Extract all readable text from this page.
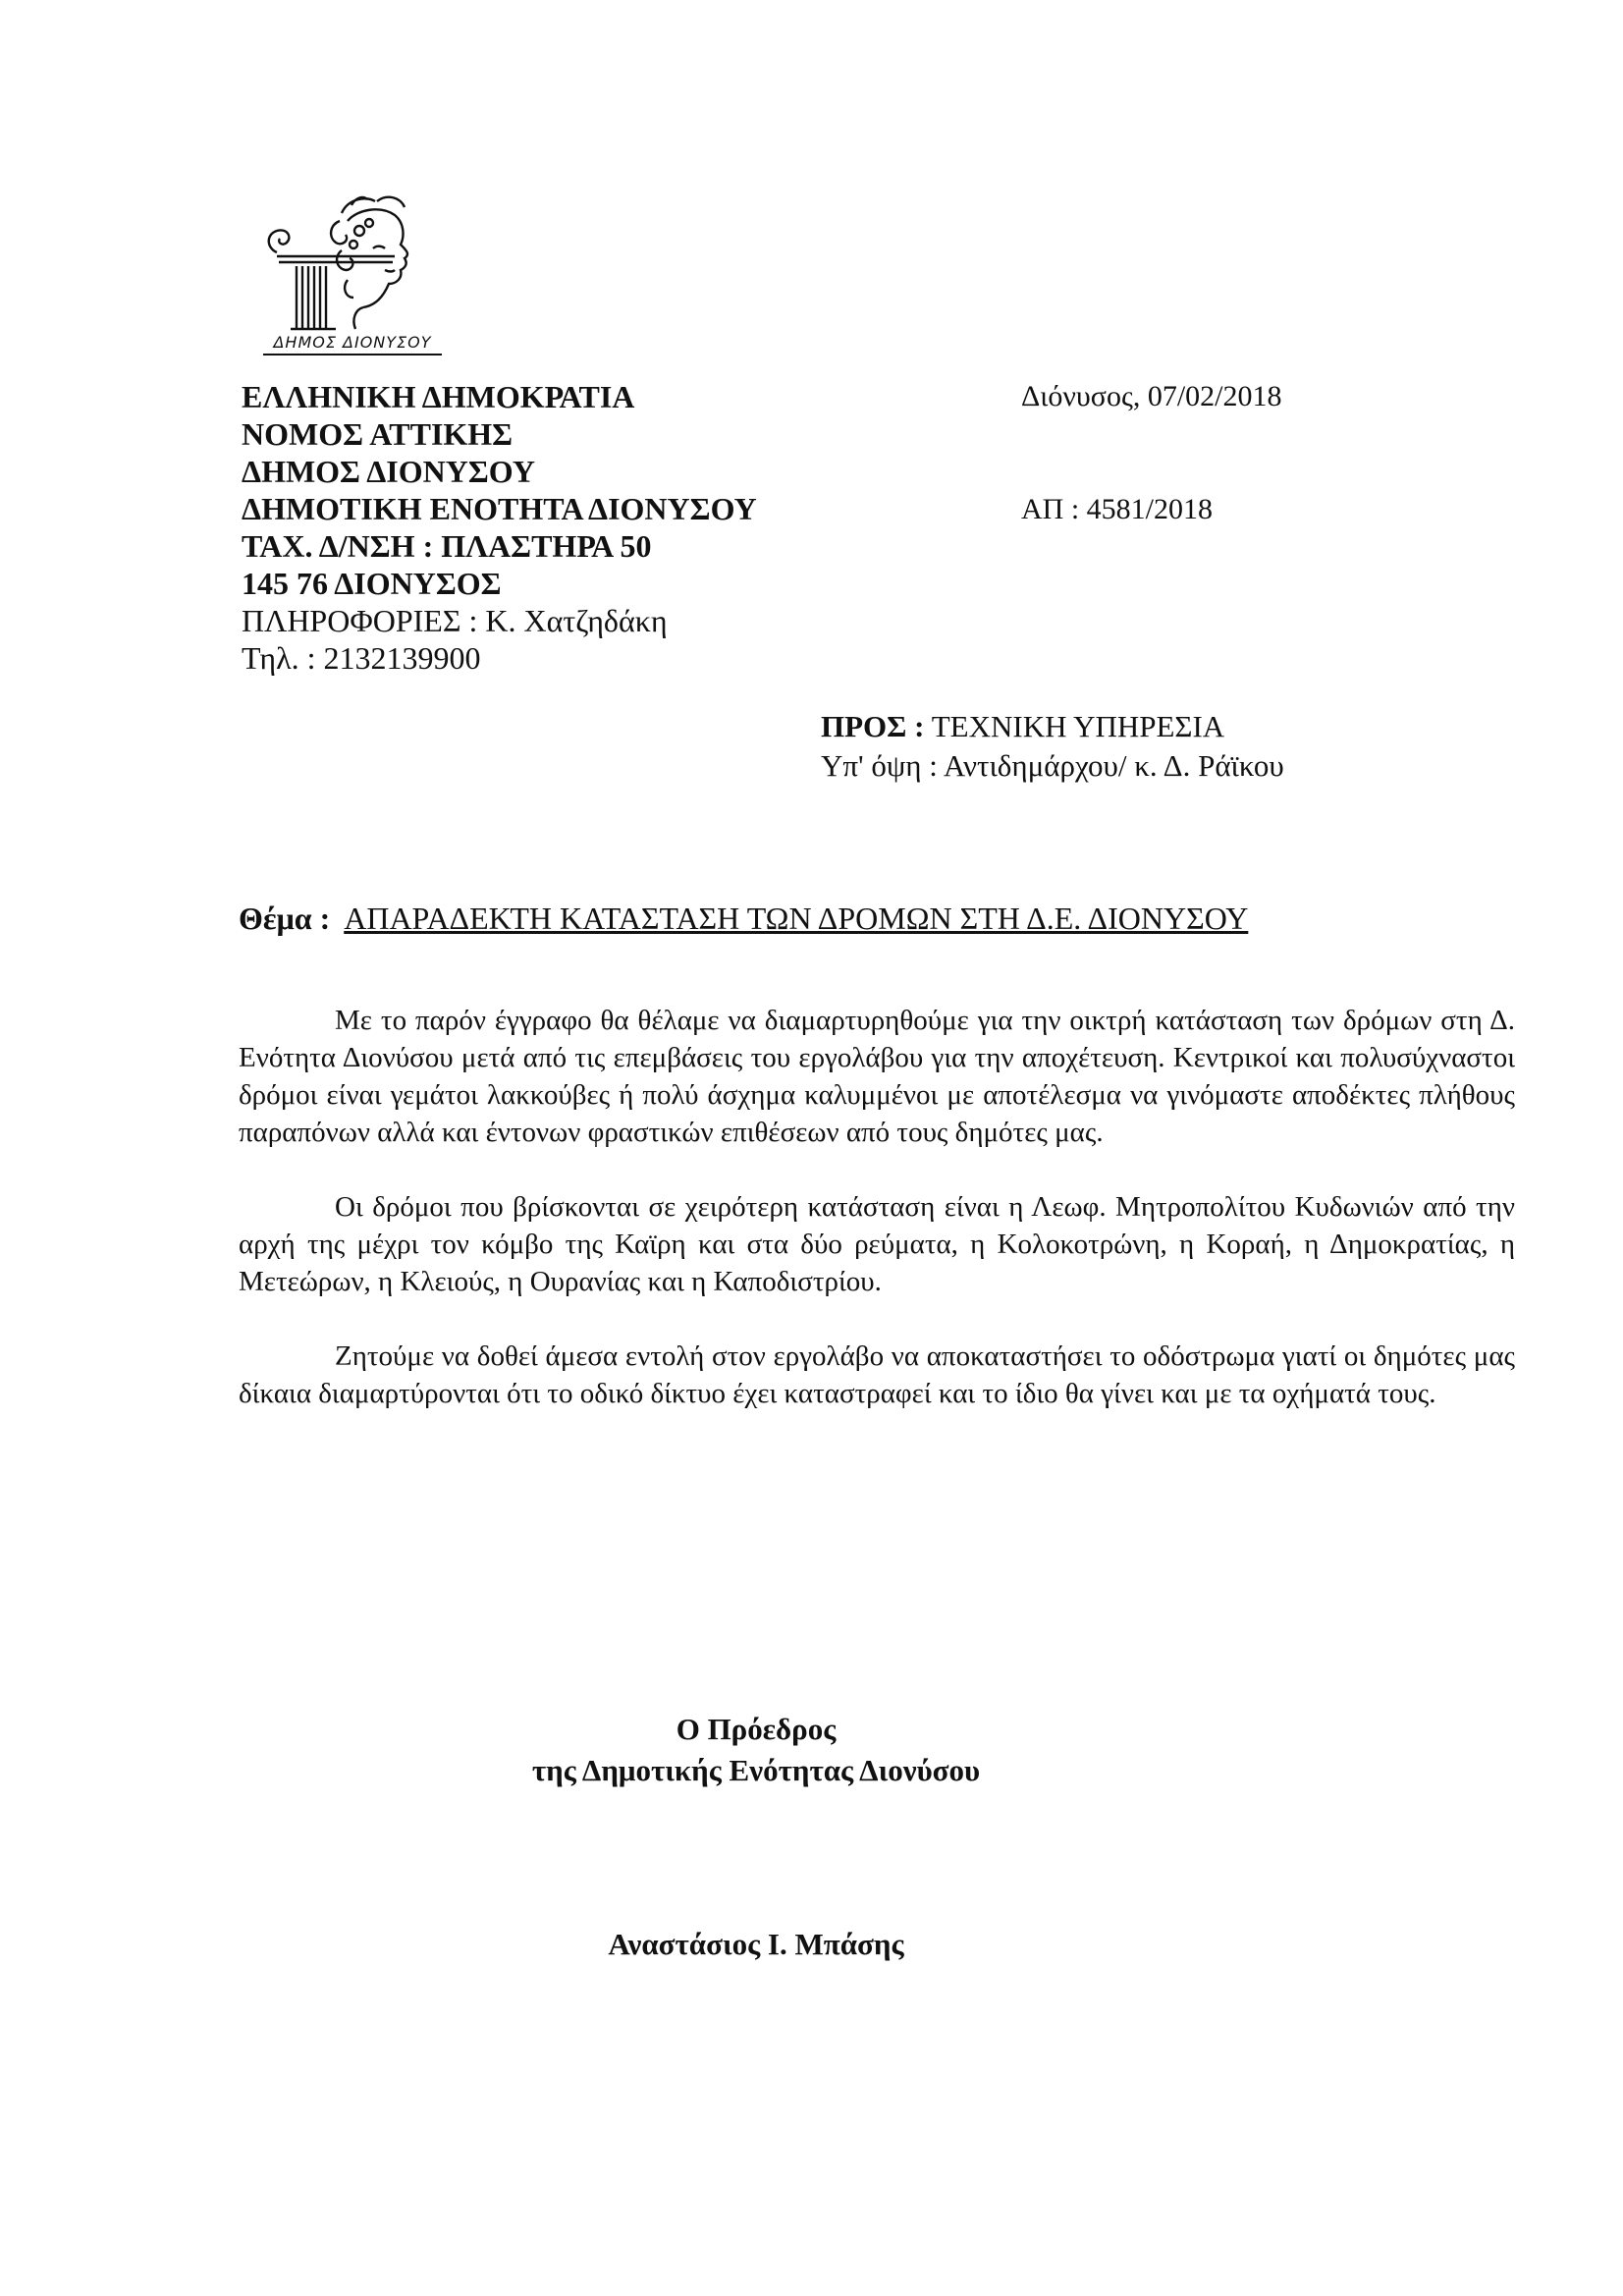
ΔΗΜΟΣ ΔΙΟΝΥΣΟΥ
ΕΛΛΗΝΙΚΗ ΔΗΜΟΚΡΑΤΙΑ
ΝΟΜΟΣ ΑΤΤΙΚΗΣ
ΔΗΜΟΣ ΔΙΟΝΥΣΟΥ
ΔΗΜΟΤΙΚΗ ΕΝΟΤΗΤΑ ΔΙΟΝΥΣΟΥ
ΤΑΧ. Δ/ΝΣΗ : ΠΛΑΣΤΗΡΑ 50
145 76 ΔΙΟΝΥΣΟΣ
ΠΛΗΡΟΦΟΡΙΕΣ : Κ. Χατζηδάκη
Τηλ. : 2132139900
Διόνυσος, 07/02/2018
ΑΠ : 4581/2018
ΠΡΟΣ : ΤΕΧΝΙΚΗ ΥΠΗΡΕΣΙΑ
Υπ' όψη : Αντιδημάρχου/ κ. Δ. Ράϊκου
Θέμα : ΑΠΑΡΑΔΕΚΤΗ ΚΑΤΑΣΤΑΣΗ ΤΩΝ ΔΡΟΜΩΝ ΣΤΗ Δ.Ε. ΔΙΟΝΥΣΟΥ

Με το παρόν έγγραφο θα θέλαμε να διαμαρτυρηθούμε για την οικτρή κατάσταση των δρόμων στη Δ. Ενότητα Διονύσου μετά από τις επεμβάσεις του εργολάβου για την αποχέτευση. Κεντρικοί και πολυσύχναστοι δρόμοι είναι γεμάτοι λακκούβες ή πολύ άσχημα καλυμμένοι με αποτέλεσμα να γινόμαστε αποδέκτες πλήθους παραπόνων αλλά και έντονων φραστικών επιθέσεων από τους δημότες μας.

Οι δρόμοι που βρίσκονται σε χειρότερη κατάσταση είναι η Λεωφ. Μητροπολίτου Κυδωνιών από την αρχή της μέχρι τον κόμβο της Καϊρη και στα δύο ρεύματα, η Κολοκοτρώνη, η Κοραή, η Δημοκρατίας, η Μετεώρων, η Κλειούς, η Ουρανίας και η Καποδιστρίου.

Ζητούμε να δοθεί άμεσα εντολή στον εργολάβο να αποκαταστήσει το οδόστρωμα γιατί οι δημότες μας δίκαια διαμαρτύρονται ότι το οδικό δίκτυο έχει καταστραφεί και το ίδιο θα γίνει και με τα οχήματά τους.

Ο Πρόεδρος
της Δημοτικής Ενότητας Διονύσου
Αναστάσιος Ι. Μπάσης
